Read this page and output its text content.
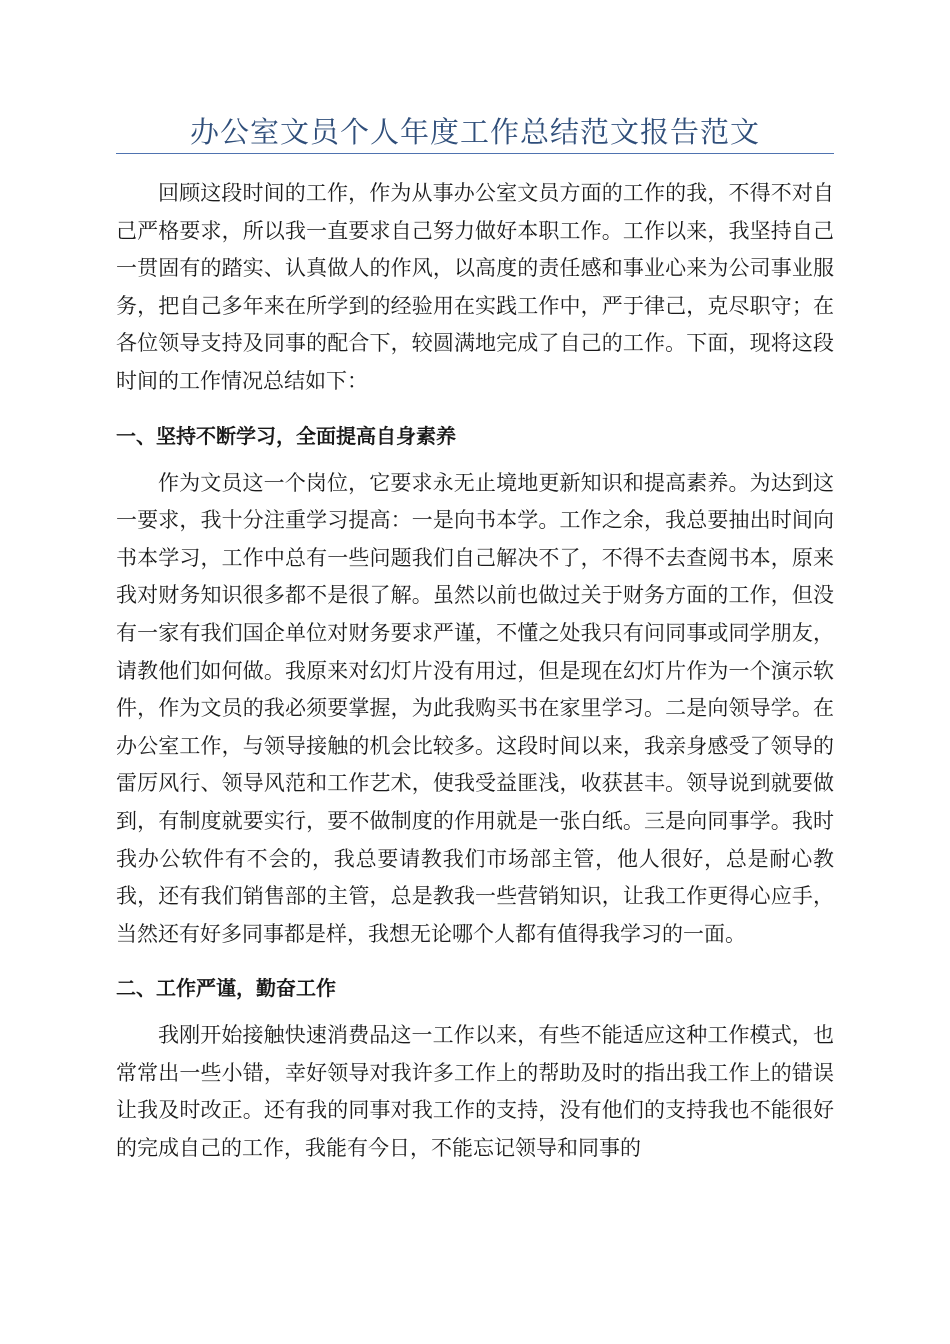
办公室文员个人年度工作总结范文报告范文

回顾这段时间的工作，作为从事办公室文员方面的工作的我，不得不对自己严格要求，所以我一直要求自己努力做好本职工作。工作以来，我坚持自己一贯固有的踏实、认真做人的作风，以高度的责任感和事业心来为公司事业服务，把自己多年来在所学到的经验用在实践工作中，严于律己，克尽职守；在各位领导支持及同事的配合下，较圆满地完成了自己的工作。下面，现将这段时间的工作情况总结如下：

一、坚持不断学习，全面提高自身素养

作为文员这一个岗位，它要求永无止境地更新知识和提高素养。为达到这一要求，我十分注重学习提高：一是向书本学。工作之余，我总要抽出时间向书本学习，工作中总有一些问题我们自己解决不了，不得不去查阅书本，原来我对财务知识很多都不是很了解。虽然以前也做过关于财务方面的工作，但没有一家有我们国企单位对财务要求严谨，不懂之处我只有问同事或同学朋友，请教他们如何做。我原来对幻灯片没有用过，但是现在幻灯片作为一个演示软件，作为文员的我必须要掌握，为此我购买书在家里学习。二是向领导学。在办公室工作，与领导接触的机会比较多。这段时间以来，我亲身感受了领导的雷厉风行、领导风范和工作艺术，使我受益匪浅，收获甚丰。领导说到就要做到，有制度就要实行，要不做制度的作用就是一张白纸。三是向同事学。我时我办公软件有不会的，我总要请教我们市场部主管，他人很好，总是耐心教我，还有我们销售部的主管，总是教我一些营销知识，让我工作更得心应手，当然还有好多同事都是样，我想无论哪个人都有值得我学习的一面。

二、工作严谨，勤奋工作

我刚开始接触快速消费品这一工作以来，有些不能适应这种工作模式，也常常出一些小错，幸好领导对我许多工作上的帮助及时的指出我工作上的错误让我及时改正。还有我的同事对我工作的支持，没有他们的支持我也不能很好的完成自己的工作，我能有今日，不能忘记领导和同事的
